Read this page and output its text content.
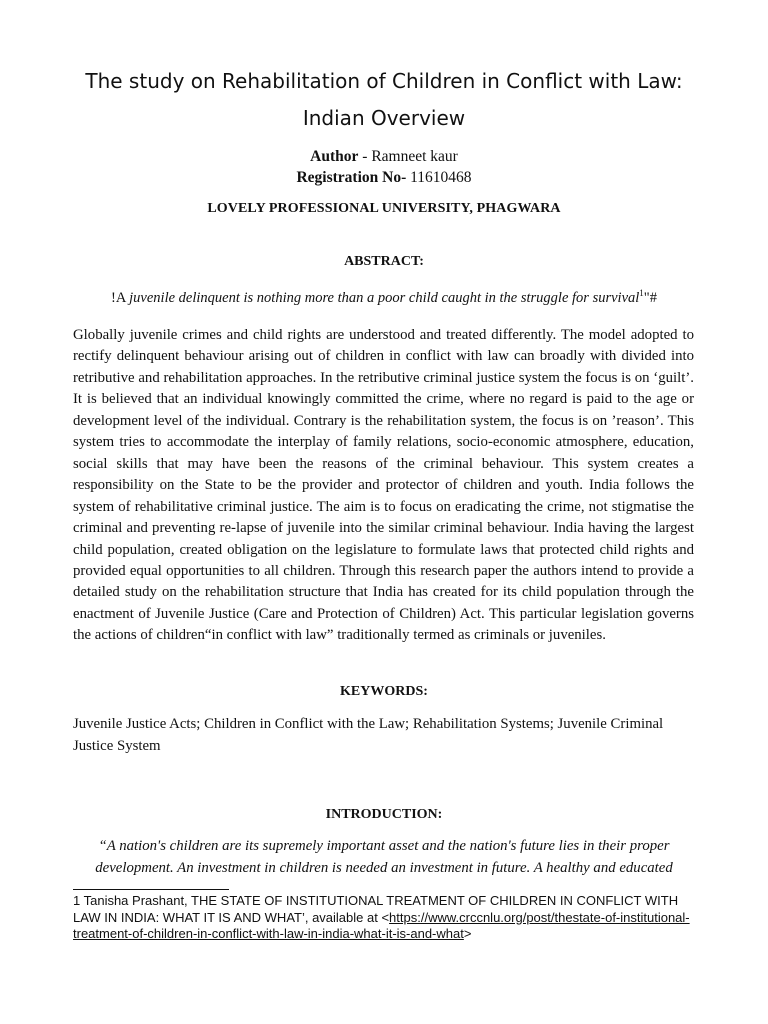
The study on Rehabilitation of Children in Conflict with Law:
Indian Overview
Author - Ramneet kaur
Registration No- 11610468
LOVELY PROFESSIONAL UNIVERSITY, PHAGWARA
ABSTRACT:
!A juvenile delinquent is nothing more than a poor child caught in the struggle for survival$^1$"#

Globally juvenile crimes and child rights are understood and treated differently. The model adopted to rectify delinquent behaviour arising out of children in conflict with law can broadly with divided into retributive and rehabilitation approaches. In the retributive criminal justice system the focus is on ‘guilt’. It is believed that an individual knowingly committed the crime, where no regard is paid to the age or development level of the individual. Contrary is the rehabilitation system, the focus is on ’reason’. This system tries to accommodate the interplay of family relations, socio-economic atmosphere, education, social skills that may have been the reasons of the criminal behaviour. This system creates a responsibility on the State to be the provider and protector of children and youth. India follows the system of rehabilitative criminal justice. The aim is to focus on eradicating the crime, not stigmatise the criminal and preventing re-lapse of juvenile into the similar criminal behaviour. India having the largest child population, created obligation on the legislature to formulate laws that protected child rights and provided equal opportunities to all children. Through this research paper the authors intend to provide a detailed study on the rehabilitation structure that India has created for its child population through the enactment of Juvenile Justice (Care and Protection of Children) Act. This particular legislation governs the actions of children“in conflict with law” traditionally termed as criminals or juveniles.

KEYWORDS:

Juvenile Justice Acts; Children in Conflict with the Law; Rehabilitation Systems; Juvenile Criminal Justice System

INTRODUCTION:

“A nation's children are its supremely important asset and the nation's future lies in their proper development. An investment in children is needed an investment in future. A healthy and educated

1 Tanisha Prashant, THE STATE OF INSTITUTIONAL TREATMENT OF CHILDREN IN CONFLICT WITH LAW IN INDIA: WHAT IT IS AND WHAT’, available at <https://www.crccnlu.org/post/thestate-of-institutional-treatment-of-children-in-conflict-with-law-in-india-what-it-is-and-what>
